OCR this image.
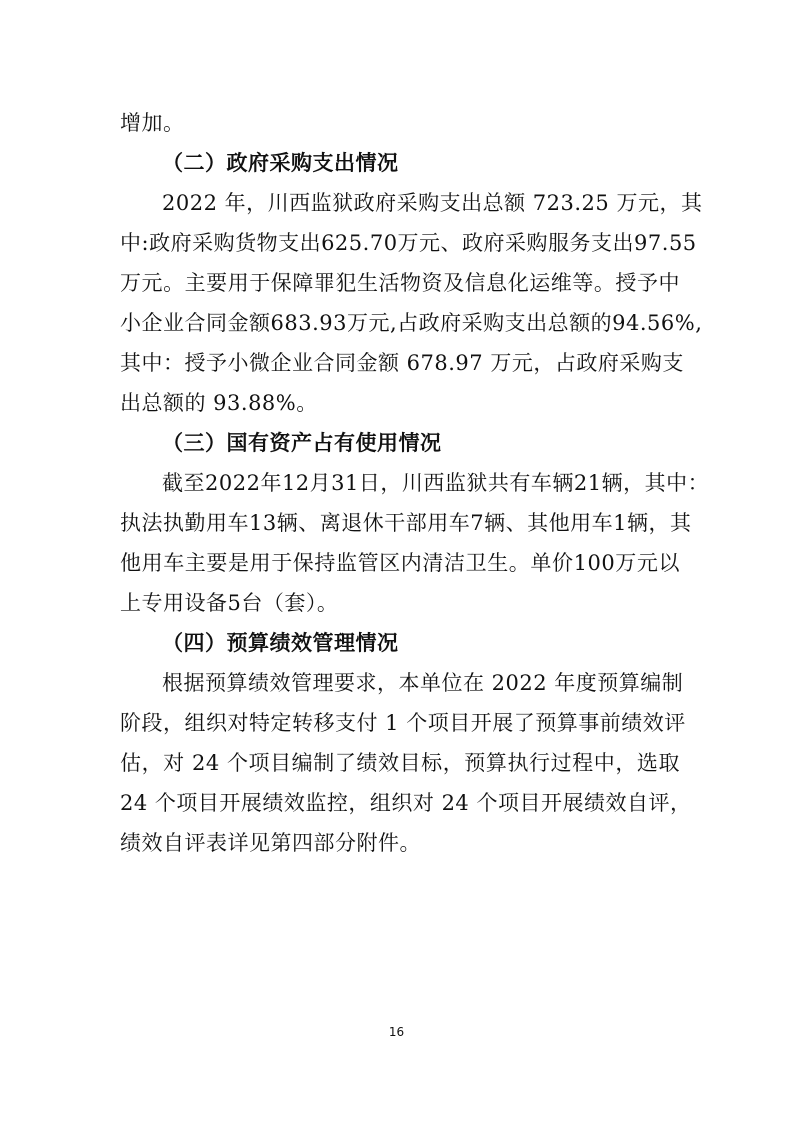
增加。
（二）政府采购支出情况
2022 年，川西监狱政府采购支出总额 723.25 万元，其
中:政府采购货物支出625.70万元、政府采购服务支出97.55
万元。主要用于保障罪犯生活物资及信息化运维等。授予中
小企业合同金额683.93万元,占政府采购支出总额的94.56%,
其中：授予小微企业合同金额 678.97 万元，占政府采购支
出总额的 93.88%。
（三）国有资产占有使用情况
截至2022年12月31日，川西监狱共有车辆21辆，其中：
执法执勤用车13辆、离退休干部用车7辆、其他用车1辆，其
他用车主要是用于保持监管区内清洁卫生。单价100万元以
上专用设备5台（套）。
（四）预算绩效管理情况
根据预算绩效管理要求，本单位在 2022 年度预算编制
阶段，组织对特定转移支付 1 个项目开展了预算事前绩效评
估，对 24 个项目编制了绩效目标，预算执行过程中，选取
24 个项目开展绩效监控，组织对 24 个项目开展绩效自评，
绩效自评表详见第四部分附件。
16
